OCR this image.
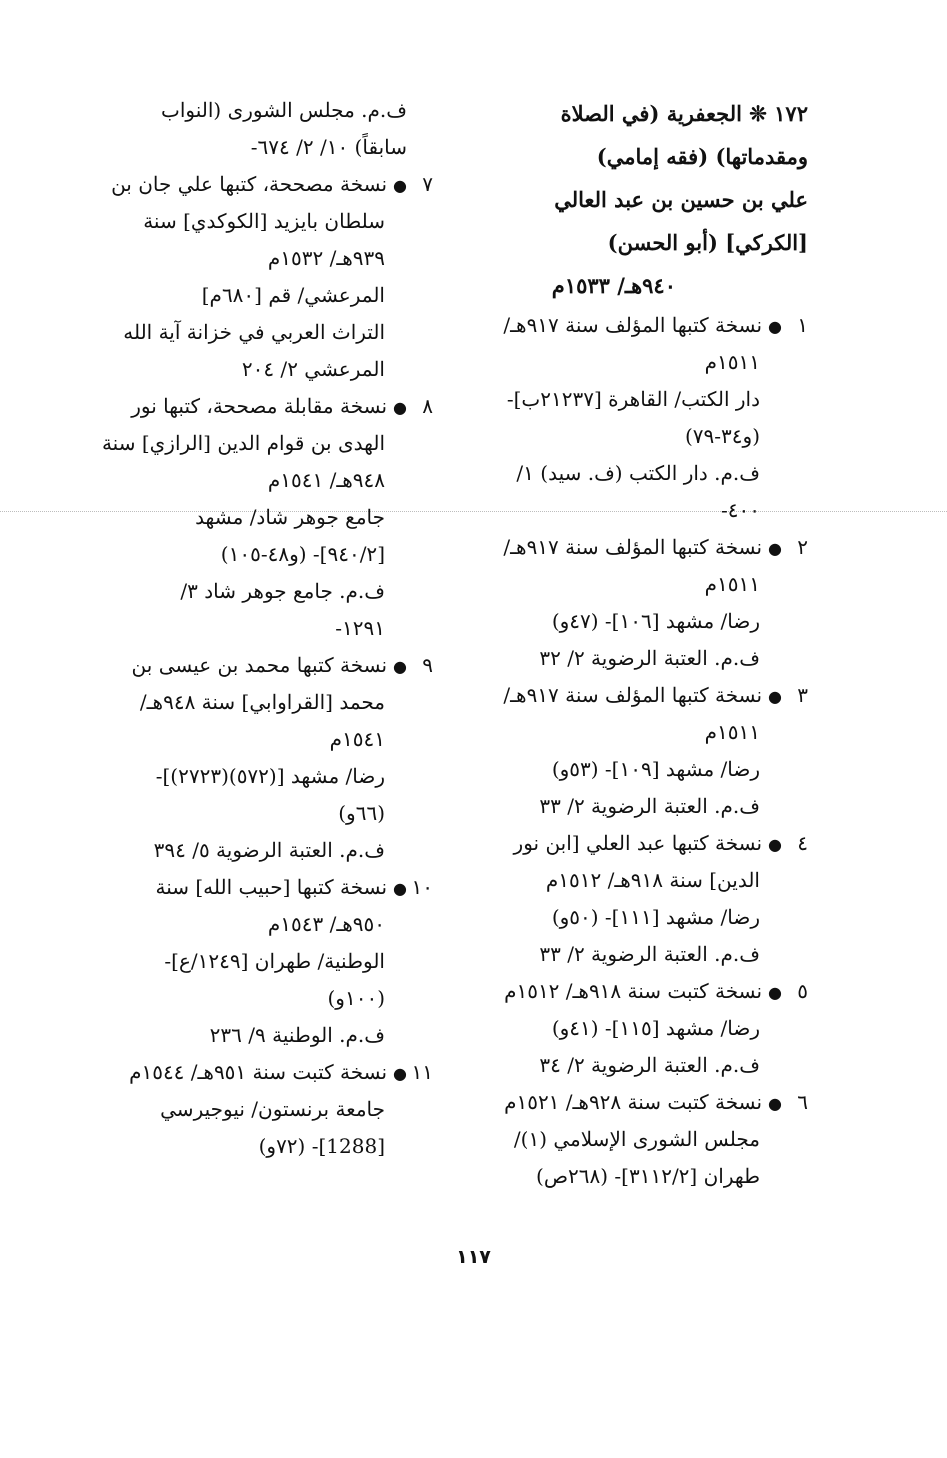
١٧٢ ❊ الجعفرية (في الصلاة
ومقدماتها) (فقه إمامي)
علي بن حسين بن عبد العالي
[الكركي] (أبو الحسن)
٩٤٠هـ/ ١٥٣٣م
١●نسخة كتبها المؤلف سنة ٩١٧هـ/
١٥١١م
دار الكتب/ القاهرة [٢١٢٣٧ب]-
(و٣٤-٧٩)
ف.م. دار الكتب (ف. سيد) ١/
٤٠٠-
٢●نسخة كتبها المؤلف سنة ٩١٧هـ/
١٥١١م
رضا/ مشهد [١٠٦]- (٤٧و)
ف.م. العتبة الرضوية ٢/ ٣٢
٣●نسخة كتبها المؤلف سنة ٩١٧هـ/
١٥١١م
رضا/ مشهد [١٠٩]- (٥٣و)
ف.م. العتبة الرضوية ٢/ ٣٣
٤●نسخة كتبها عبد العلي [ابن نور
الدين] سنة ٩١٨هـ/ ١٥١٢م
رضا/ مشهد [١١١]- (٥٠و)
ف.م. العتبة الرضوية ٢/ ٣٣
٥●نسخة كتبت سنة ٩١٨هـ/ ١٥١٢م
رضا/ مشهد [١١٥]- (٤١و)
ف.م. العتبة الرضوية ٢/ ٣٤
٦●نسخة كتبت سنة ٩٢٨هـ/ ١٥٢١م
مجلس الشورى الإسلامي (١)/
طهران [٣١١٢/٢]- (٢٦٨ص)
ف.م. مجلس الشورى (النواب
سابقاً) ١٠/ ٢/ ٦٧٤-
٧●نسخة مصححة، كتبها علي جان بن
سلطان بايزيد [الكوكدي] سنة
٩٣٩هـ/ ١٥٣٢م
المرعشي/ قم [٦٨٠م]
التراث العربي في خزانة آية الله
المرعشي ٢/ ٢٠٤
٨●نسخة مقابلة مصححة، كتبها نور
الهدى بن قوام الدين [الرازي] سنة
٩٤٨هـ/ ١٥٤١م
جامع جوهر شاد/ مشهد
[٩٤٠/٢]- (و٤٨-١٠٥)
ف.م. جامع جوهر شاد ٣/
١٢٩١-
٩●نسخة كتبها محمد بن عيسى بن
محمد [القراوابي] سنة ٩٤٨هـ/
١٥٤١م
رضا/ مشهد [(٥٧٢)(٢٧٢٣)]-
(٦٦و)
ف.م. العتبة الرضوية ٥/ ٣٩٤
١٠●نسخة كتبها [حبيب الله] سنة
٩٥٠هـ/ ١٥٤٣م
الوطنية/ طهران [١٢٤٩/ع]-
(١٠٠و)
ف.م. الوطنية ٩/ ٢٣٦
١١●نسخة كتبت سنة ٩٥١هـ/ ١٥٤٤م
جامعة برنستون/ نيوجيرسي
[1288]- (٧٢و)
١١٧
